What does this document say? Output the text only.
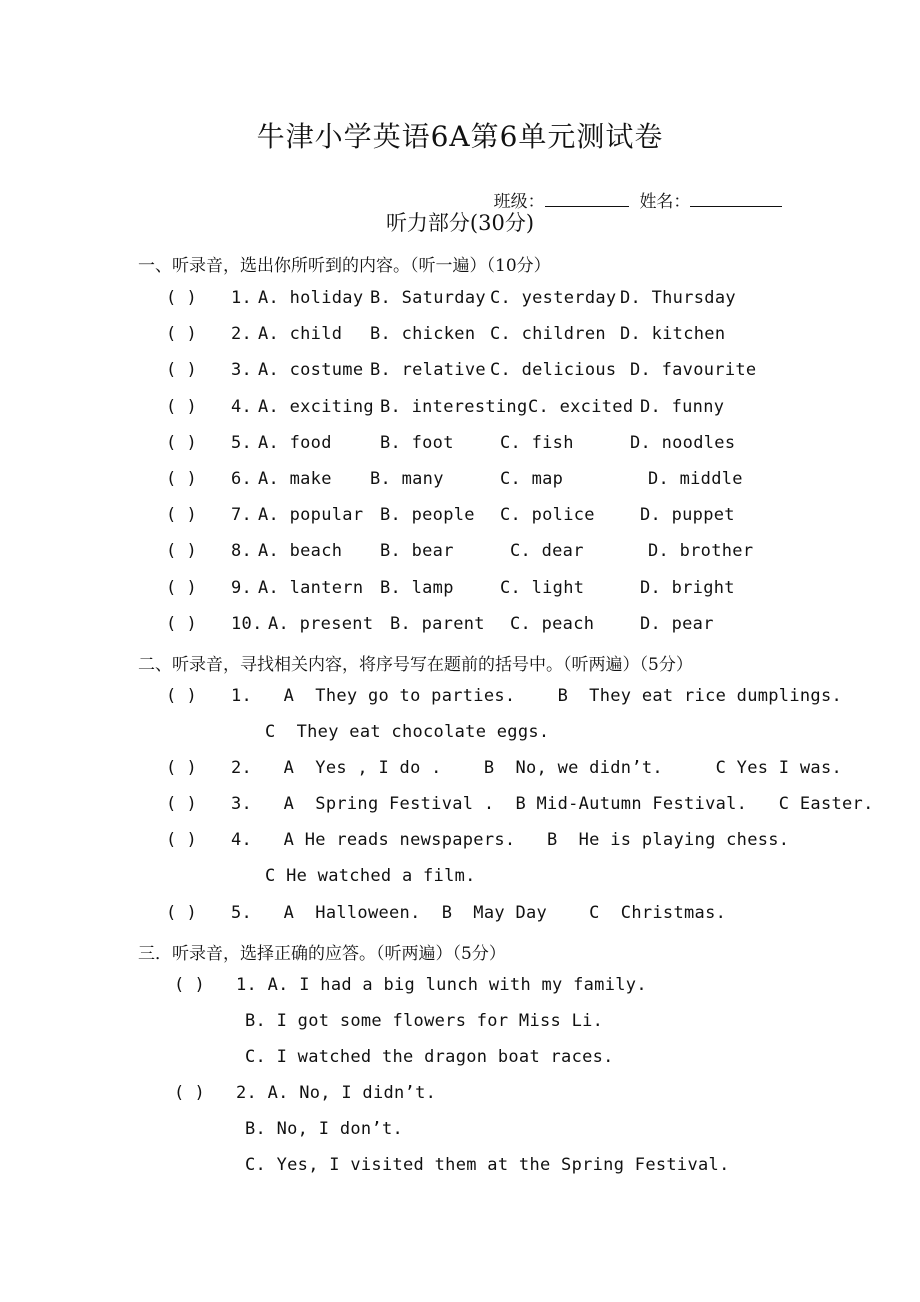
牛津小学英语6A第6单元测试卷

班级：	姓名：

听力部分(30分)
一、听录音，选出你所听到的内容。（听一遍）（10分）
( ) 1. A. holiday B. Saturday C. yesterday D. Thursday
( ) 2. A. child B. chicken C. children D. kitchen
( ) 3. A. costume B. relative C. delicious D. favourite
( ) 4. A. exciting B. interesting C. excited D. funny
( ) 5. A. food	B. foot	C. fish	D. noodles
( ) 6. A. make B. many	C. map	D. middle
( ) 7. A. popular B. people C. police	D. puppet
( ) 8. A. beach B. bear	C. dear	D. brother
( ) 9. A. lantern B. lamp	C. light	D. bright
( ) 10. A. present B. parent C. peach	D. pear
二、听录音，寻找相关内容，将序号写在题前的括号中。（听两遍）（5分）
( ) 1.   A  They go to parties.    B  They eat rice dumplings.
C  They eat chocolate eggs.
( ) 2.   A  Yes , I do .    B  No, we didn’t.     C Yes I was.
( ) 3.   A  Spring Festival .  B Mid-Autumn Festival.   C Easter.
( ) 4.   A He reads newspapers.   B  He is playing chess.
C He watched a film.
( ) 5.   A  Halloween.  B  May Day    C  Christmas.
三．听录音，选择正确的应答。（听两遍）（5分）
( ) 1. A. I had a big lunch with my family.
B. I got some flowers for Miss Li.
C. I watched the dragon boat races.
( ) 2. A. No, I didn’t.
B. No, I don’t.
C. Yes, I visited them at the Spring Festival.
